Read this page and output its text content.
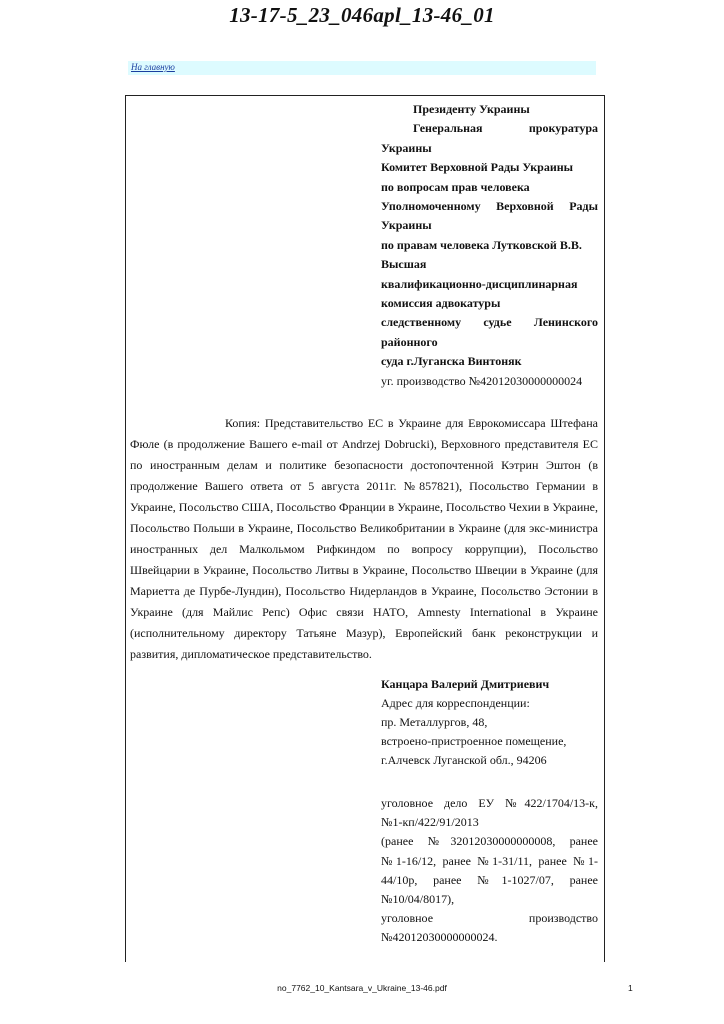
13-17-5_23_046apl_13-46_01
На главную
Президенту Украины
Генеральная прокуратура
Украины
Комитет Верховной Рады Украины
по вопросам прав человека
Уполномоченному Верховной Рады
Украины
по правам человека Лутковской В.В.
Высшая
квалификационно-дисциплинарная
комиссия адвокатуры
следственному судье Ленинского
районного
суда г.Луганска Винтоняк
уг. производство №42012030000000024
Копия: Представительство ЕС в Украине для Еврокомиссара Штефана Фюле (в продолжение Вашего e-mail от Andrzej Dobrucki), Верховного представителя ЕС по иностранным делам и политике безопасности достопочтенной Кэтрин Эштон (в продолжение Вашего ответа от 5 августа 2011г. №857821), Посольство Германии в Украине, Посольство США, Посольство Франции в Украине, Посольство Чехии в Украине, Посольство Польши в Украине, Посольство Великобритании в Украине (для экс-министра иностранных дел Малкольмом Рифкиндом по вопросу коррупции), Посольство Швейцарии в Украине, Посольство Литвы в Украине, Посольство Швеции в Украине (для Мариетта де Пурбе-Лундин), Посольство Нидерландов в Украине, Посольство Эстонии в Украине (для Майлис Репс) Офис связи НАТО, Amnesty International в Украине (исполнительному директору Татьяне Мазур), Европейский банк реконструкции и развития, дипломатическое представительство.
Канцара Валерий Дмитриевич
Адрес для корреспонденции:
пр. Металлургов, 48,
встроено-пристроенное помещение,
г.Алчевск Луганской обл., 94206
уголовное дело ЕУ №422/1704/13-к,
№1-кп/422/91/2013
(ранее №32012030000000008, ранее
№1-16/12, ранее №1-31/11, ранее №1-
44/10р, ранее №1-1027/07, ранее
№10/04/8017),
уголовное производство
№42012030000000024.
no_7762_10_Kantsara_v_Ukraine_13-46.pdf	1
